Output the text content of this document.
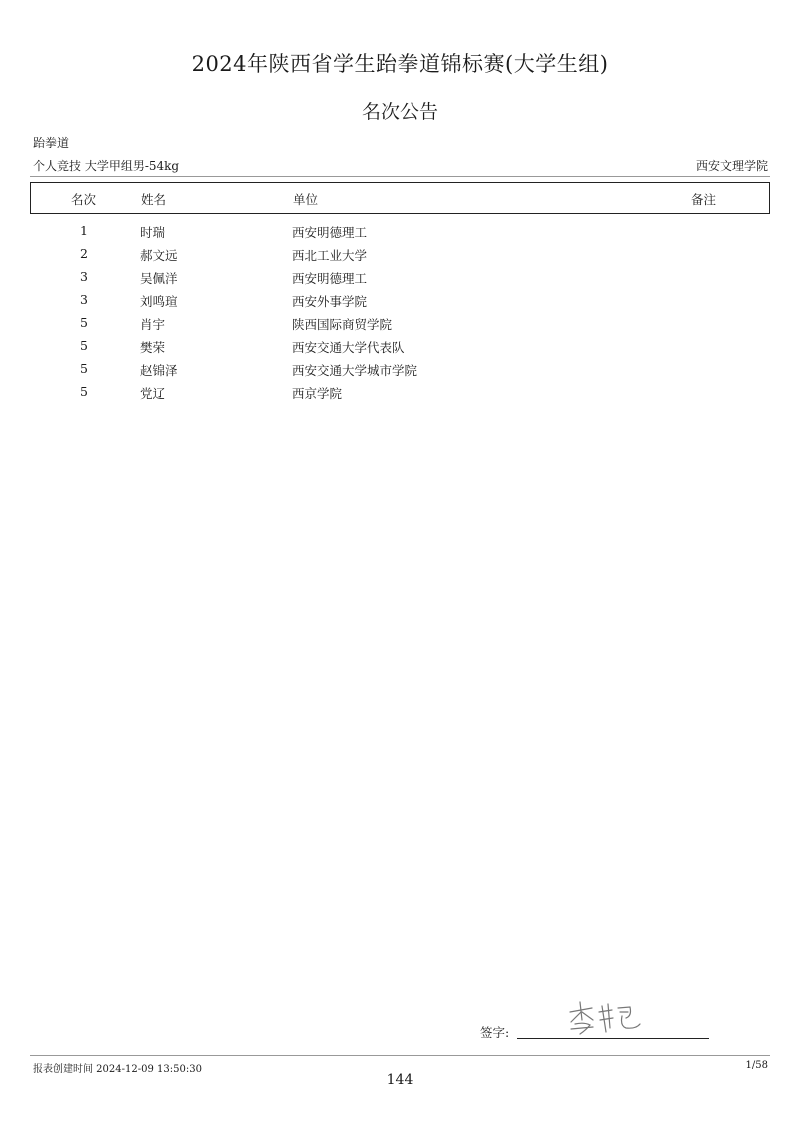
2024年陕西省学生跆拳道锦标赛(大学生组)
名次公告
跆拳道
个人竞技 大学甲组男-54kg	西安文理学院
名次	姓名	单位	备注
1	时瑞	西安明德理工
2	郝文远	西北工业大学
3	吴佩洋	西安明德理工
3	刘鸣瑄	西安外事学院
5	肖宇	陕西国际商贸学院
5	樊荣	西安交通大学代表队
5	赵锦泽	西安交通大学城市学院
5	党辽	西京学院
签字:
报表创建时间 2024-12-09 13:50:30	1/58
144
